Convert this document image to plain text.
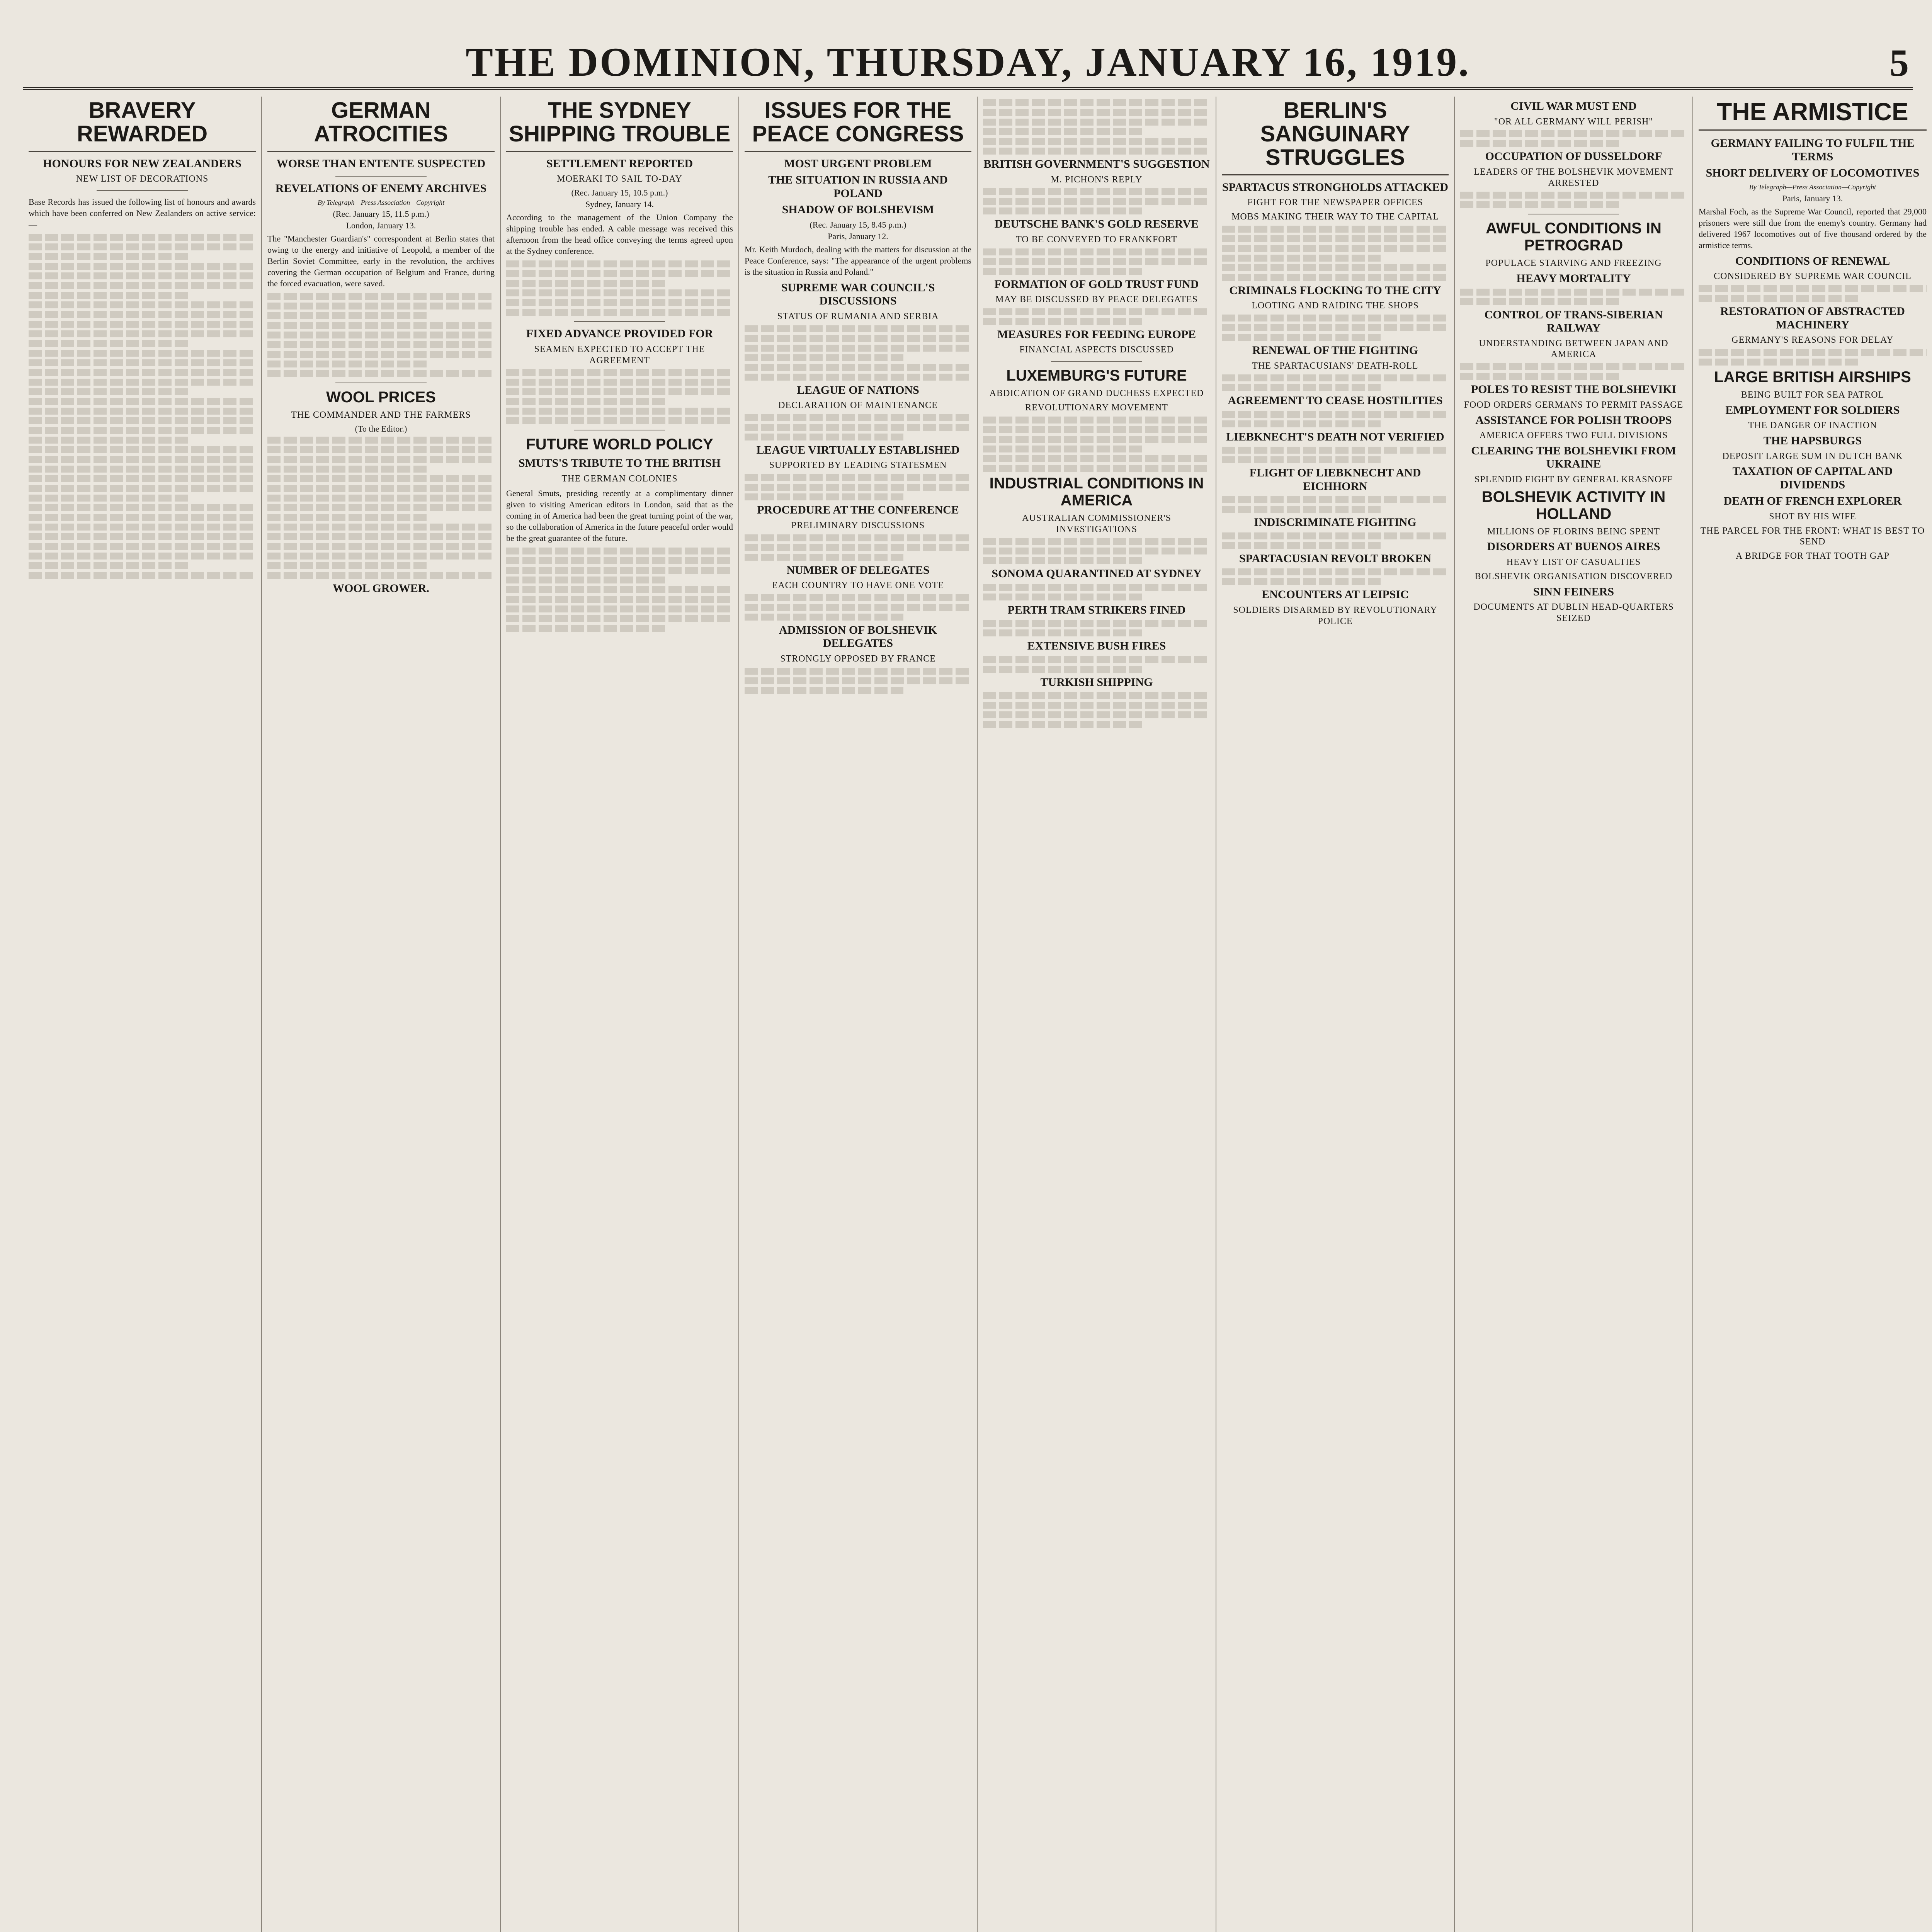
THE DOMINION, THURSDAY, JANUARY 16, 1919.	5
BRAVERY REWARDED
HONOURS FOR NEW ZEALANDERS
NEW LIST OF DECORATIONS
Base Records has issued the following list of honours and awards which have been conferred on New Zealanders on active service:—
GERMAN ATROCITIES
WORSE THAN ENTENTE SUSPECTED
REVELATIONS OF ENEMY ARCHIVES
By Telegraph—Press Association—Copyright
(Rec. January 15, 11.5 p.m.)
London, January 13.
The "Manchester Guardian's" correspondent at Berlin states that owing to the energy and initiative of Leopold, a member of the Berlin Soviet Committee, early in the revolution, the archives covering the German occupation of Belgium and France, during the forced evacuation, were saved.
WOOL PRICES
THE COMMANDER AND THE FARMERS
(To the Editor.)
WOOL GROWER.
THE SYDNEY SHIPPING TROUBLE
SETTLEMENT REPORTED
MOERAKI TO SAIL TO-DAY
(Rec. January 15, 10.5 p.m.)
Sydney, January 14.
According to the management of the Union Company the shipping trouble has ended. A cable message was received this afternoon from the head office conveying the terms agreed upon at the Sydney conference.
FIXED ADVANCE PROVIDED FOR
SEAMEN EXPECTED TO ACCEPT THE AGREEMENT
FUTURE WORLD POLICY
SMUTS'S TRIBUTE TO THE BRITISH
THE GERMAN COLONIES
General Smuts, presiding recently at a complimentary dinner given to visiting American editors in London, said that as the coming in of America had been the great turning point of the war, so the collaboration of America in the future peaceful order would be the great guarantee of the future.
ISSUES FOR THE PEACE CONGRESS
MOST URGENT PROBLEM
THE SITUATION IN RUSSIA AND POLAND
SHADOW OF BOLSHEVISM
(Rec. January 15, 8.45 p.m.)
Paris, January 12.
Mr. Keith Murdoch, dealing with the matters for discussion at the Peace Conference, says: "The appearance of the urgent problems is the situation in Russia and Poland."
SUPREME WAR COUNCIL'S DISCUSSIONS
STATUS OF RUMANIA AND SERBIA
LEAGUE OF NATIONS
DECLARATION OF MAINTENANCE
LEAGUE VIRTUALLY ESTABLISHED
SUPPORTED BY LEADING STATESMEN
PROCEDURE AT THE CONFERENCE
PRELIMINARY DISCUSSIONS
NUMBER OF DELEGATES
EACH COUNTRY TO HAVE ONE VOTE
ADMISSION OF BOLSHEVIK DELEGATES
STRONGLY OPPOSED BY FRANCE
BRITISH GOVERNMENT'S SUGGESTION
M. PICHON'S REPLY
DEUTSCHE BANK'S GOLD RESERVE
TO BE CONVEYED TO FRANKFORT
FORMATION OF GOLD TRUST FUND
MAY BE DISCUSSED BY PEACE DELEGATES
MEASURES FOR FEEDING EUROPE
FINANCIAL ASPECTS DISCUSSED
LUXEMBURG'S FUTURE
ABDICATION OF GRAND DUCHESS EXPECTED
REVOLUTIONARY MOVEMENT
INDUSTRIAL CONDITIONS IN AMERICA
AUSTRALIAN COMMISSIONER'S INVESTIGATIONS
SONOMA QUARANTINED AT SYDNEY
PERTH TRAM STRIKERS FINED
EXTENSIVE BUSH FIRES
TURKISH SHIPPING
BERLIN'S SANGUINARY STRUGGLES
SPARTACUS STRONGHOLDS ATTACKED
FIGHT FOR THE NEWSPAPER OFFICES
MOBS MAKING THEIR WAY TO THE CAPITAL
CRIMINALS FLOCKING TO THE CITY
LOOTING AND RAIDING THE SHOPS
RENEWAL OF THE FIGHTING
THE SPARTACUSIANS' DEATH-ROLL
AGREEMENT TO CEASE HOSTILITIES
LIEBKNECHT'S DEATH NOT VERIFIED
FLIGHT OF LIEBKNECHT AND EICHHORN
INDISCRIMINATE FIGHTING
SPARTACUSIAN REVOLT BROKEN
ENCOUNTERS AT LEIPSIC
SOLDIERS DISARMED BY REVOLUTIONARY POLICE
CIVIL WAR MUST END
"OR ALL GERMANY WILL PERISH"
OCCUPATION OF DUSSELDORF
LEADERS OF THE BOLSHEVIK MOVEMENT ARRESTED
AWFUL CONDITIONS IN PETROGRAD
POPULACE STARVING AND FREEZING
HEAVY MORTALITY
CONTROL OF TRANS-SIBERIAN RAILWAY
UNDERSTANDING BETWEEN JAPAN AND AMERICA
POLES TO RESIST THE BOLSHEVIKI
FOOD ORDERS GERMANS TO PERMIT PASSAGE
ASSISTANCE FOR POLISH TROOPS
AMERICA OFFERS TWO FULL DIVISIONS
CLEARING THE BOLSHEVIKI FROM UKRAINE
SPLENDID FIGHT BY GENERAL KRASNOFF
BOLSHEVIK ACTIVITY IN HOLLAND
MILLIONS OF FLORINS BEING SPENT
DISORDERS AT BUENOS AIRES
HEAVY LIST OF CASUALTIES
BOLSHEVIK ORGANISATION DISCOVERED
SINN FEINERS
DOCUMENTS AT DUBLIN HEAD-QUARTERS SEIZED
THE ARMISTICE
GERMANY FAILING TO FULFIL THE TERMS
SHORT DELIVERY OF LOCOMOTIVES
By Telegraph—Press Association—Copyright
Paris, January 13.
Marshal Foch, as the Supreme War Council, reported that 29,000 prisoners were still due from the enemy's country. Germany had delivered 1967 locomotives out of five thousand ordered by the armistice terms.
CONDITIONS OF RENEWAL
CONSIDERED BY SUPREME WAR COUNCIL
RESTORATION OF ABSTRACTED MACHINERY
GERMANY'S REASONS FOR DELAY
LARGE BRITISH AIRSHIPS
BEING BUILT FOR SEA PATROL
EMPLOYMENT FOR SOLDIERS
THE DANGER OF INACTION
THE HAPSBURGS
DEPOSIT LARGE SUM IN DUTCH BANK
TAXATION OF CAPITAL AND DIVIDENDS
DEATH OF FRENCH EXPLORER
SHOT BY HIS WIFE
THE PARCEL FOR THE FRONT: WHAT IS BEST TO SEND
A BRIDGE FOR THAT TOOTH GAP
